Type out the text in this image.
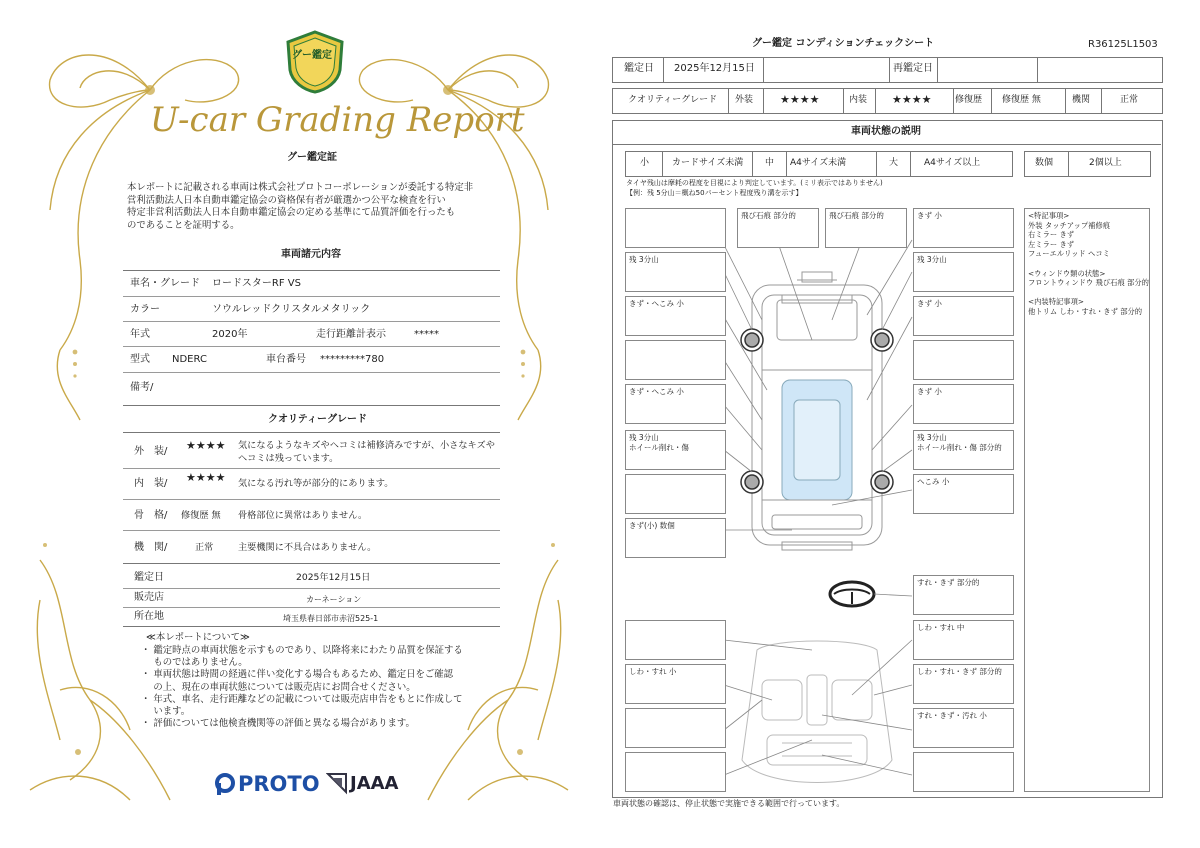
グー鑑定
U-car Grading Report
グー鑑定証
本レポートに記載される車両は株式会社プロトコーポレーションが委託する特定非
営利活動法人日本自動車鑑定協会の資格保有者が厳選かつ公平な検査を行い
特定非営利活動法人日本自動車鑑定協会の定める基準にて品質評価を行ったも
のであることを証明する。
車両諸元内容
車名・グレード ロードスターRF VS
カラー	ソウルレッドクリスタルメタリック
年式	2020年	走行距離計表示	*****
型式 NDERC	車台番号 *********780
備考/
クオリティーグレード
外　装/ ★★★★ 気になるようなキズやヘコミは補修済みですが、小さなキズや
ヘコミは残っています。
内　装/ ★★★★ 気になる汚れ等が部分的にあります。
骨　格/ 修復歴 無 骨格部位に異常はありません。
機　関/	正常	主要機関に不具合はありません。
鑑定日	2025年12月15日
販売店	カーネーション
所在地	埼玉県春日部市赤沼525-1
≪本レポートについて≫
・ 鑑定時点の車両状態を示すものであり、以降将来にわたり品質を保証する
　 ものではありません。
・ 車両状態は時間の経過に伴い変化する場合もあるため、鑑定日をご確認
　 の上、現在の車両状態については販売店にお問合せください。
・ 年式、車名、走行距離などの記載については販売店申告をもとに作成して
　 います。
・ 評価については他検査機関等の評価と異なる場合があります。
PROTO JAAA
グー鑑定 コンディションチェックシート	R36125L1503
鑑定日 2025年12月15日	再鑑定日
クオリティーグレード 外装 ★★★★	内装 ★★★★	修復歴 修復歴 無	機関	正常
車両状態の説明
小	カードサイズ未満 中 A4サイズ未満	大	A4サイズ以上	数個	2個以上
タイヤ残山は摩耗の程度を目視により判定しています。(ミリ表示ではありません)
【例：残 5分山＝概ね50パーセント程度残り溝を示す】
残 3分山
きず・へこみ 小
きず・へこみ 小
残 3分山
ホイール削れ・傷
きず(小) 数個
しわ・すれ 小
飛び石痕 部分的	飛び石痕 部分的	きず 小
残 3分山
きず 小
きず 小
残 3分山
ホイール削れ・傷 部分的
へこみ 小
すれ・きず 部分的
しわ・すれ 中
しわ・すれ・きず 部分的
すれ・きず・汚れ 小
<特記事項>
外装 タッチアップ補修痕
右ミラー きず
左ミラー きず
フューエルリッド へコミ

<ウィンドウ類の状態>
フロントウィンドウ 飛び石痕 部分的

<内装特記事項>
他トリム しわ・すれ・きず 部分的
車両状態の確認は、停止状態で実施できる範囲で行っています。
